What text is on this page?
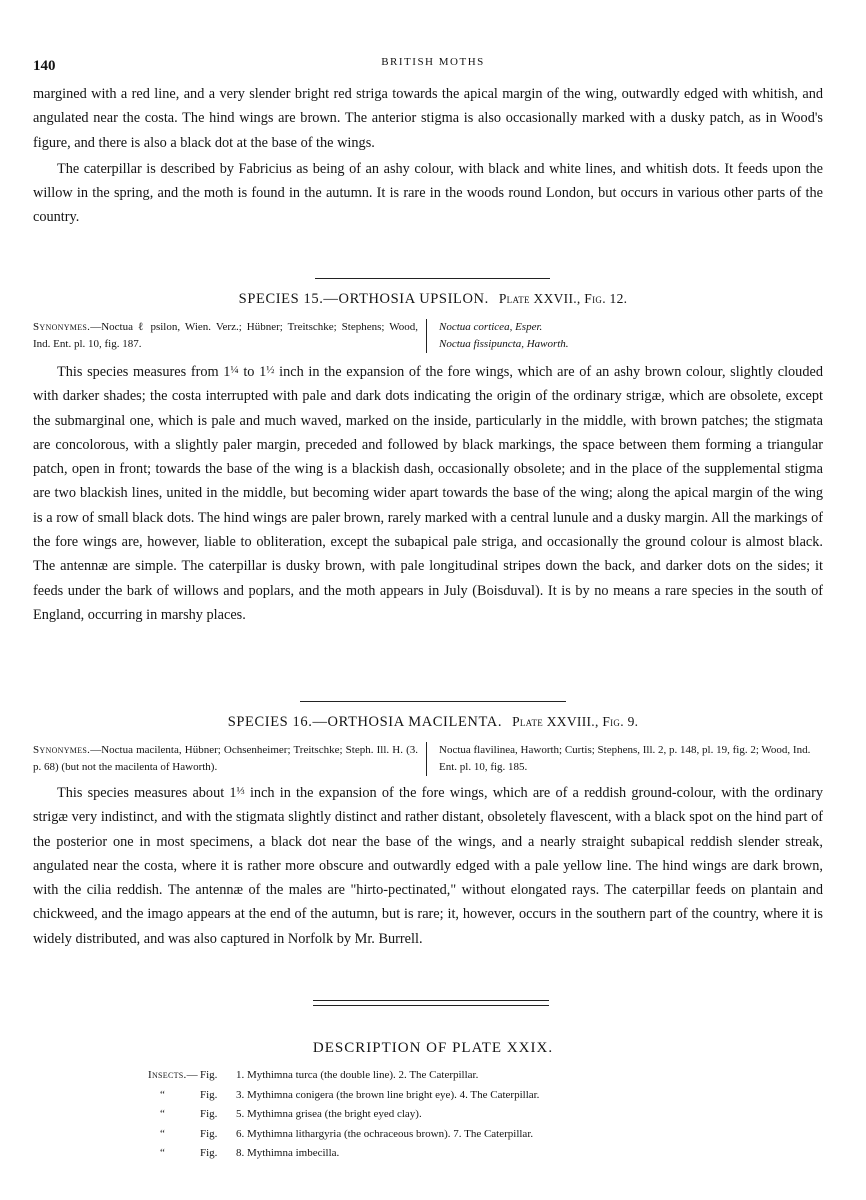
140	BRITISH MOTHS

margined with a red line, and a very slender bright red striga towards the apical margin of the wing, outwardly edged with whitish, and angulated near the costa. The hind wings are brown. The anterior stigma is also occasionally marked with a dusky patch, as in Wood's figure, and there is also a black dot at the base of the wings.

The caterpillar is described by Fabricius as being of an ashy colour, with black and white lines, and whitish dots. It feeds upon the willow in the spring, and the moth is found in the autumn. It is rare in the woods round London, but occurs in various other parts of the country.

SPECIES 15.—ORTHOSIA UPSILON. Plate XXVII., Fig. 12.
Synonymes.—Noctua ℓ psilon, Wien. Verz.; Hübner; Treitschke; Stephens; Wood, Ind. Ent. pl. 10, fig. 187.
Noctua corticea, Esper.
Noctua fissipuncta, Haworth.

This species measures from $1^{\frac{1}{4}}$ to $1^{\frac{1}{2}}$ inch in the expansion of the fore wings, which are of an ashy brown colour, slightly clouded with darker shades; the costa interrupted with pale and dark dots indicating the origin of the ordinary strigæ, which are obsolete, except the submarginal one, which is pale and much waved, marked on the inside, particularly in the middle, with brown patches; the stigmata are concolorous, with a slightly paler margin, preceded and followed by black markings, the space between them forming a triangular patch, open in front; towards the base of the wing is a blackish dash, occasionally obsolete; and in the place of the supplemental stigma are two blackish lines, united in the middle, but becoming wider apart towards the base of the wing; along the apical margin of the wing is a row of small black dots. The hind wings are paler brown, rarely marked with a central lunule and a dusky margin. All the markings of the fore wings are, however, liable to obliteration, except the subapical pale striga, and occasionally the ground colour is almost black. The antennæ are simple. The caterpillar is dusky brown, with pale longitudinal stripes down the back, and darker dots on the sides; it feeds under the bark of willows and poplars, and the moth appears in July (Boisduval). It is by no means a rare species in the south of England, occurring in marshy places.

SPECIES 16.—ORTHOSIA MACILENTA. Plate XXVIII., Fig. 9.
Synonymes.—Noctua macilenta, Hübner; Ochsenheimer; Treitschke; Steph. Ill. H. (3. p. 68) (but not the macilenta of Haworth).
Noctua flavilinea, Haworth; Curtis; Stephens, Ill. 2, p. 148, pl. 19, fig. 2; Wood, Ind. Ent. pl. 10, fig. 185.

This species measures about $1^{\frac{1}{3}}$ inch in the expansion of the fore wings, which are of a reddish ground-colour, with the ordinary strigæ very indistinct, and with the stigmata slightly distinct and rather distant, obsoletely flavescent, with a black spot on the hind part of the posterior one in most specimens, a black dot near the base of the wings, and a nearly straight subapical reddish slender streak, angulated near the costa, where it is rather more obscure and outwardly edged with a pale yellow line. The hind wings are dark brown, with the cilia reddish. The antennæ of the males are "hirto-pectinated," without elongated rays. The caterpillar feeds on plantain and chickweed, and the imago appears at the end of the autumn, but is rare; it, however, occurs in the southern part of the country, where it is widely distributed, and was also captured in Norfolk by Mr. Burrell.

DESCRIPTION OF PLATE XXIX.
Insects.— Fig.	1. Mythimna turca (the double line). 2. The Caterpillar.
“	Fig.	3. Mythimna conigera (the brown line bright eye). 4. The Caterpillar.
“	Fig.	5. Mythimna grisea (the bright eyed clay).
“	Fig.	6. Mythimna lithargyria (the ochraceous brown). 7. The Caterpillar.
“	Fig.	8. Mythimna imbecilla.
